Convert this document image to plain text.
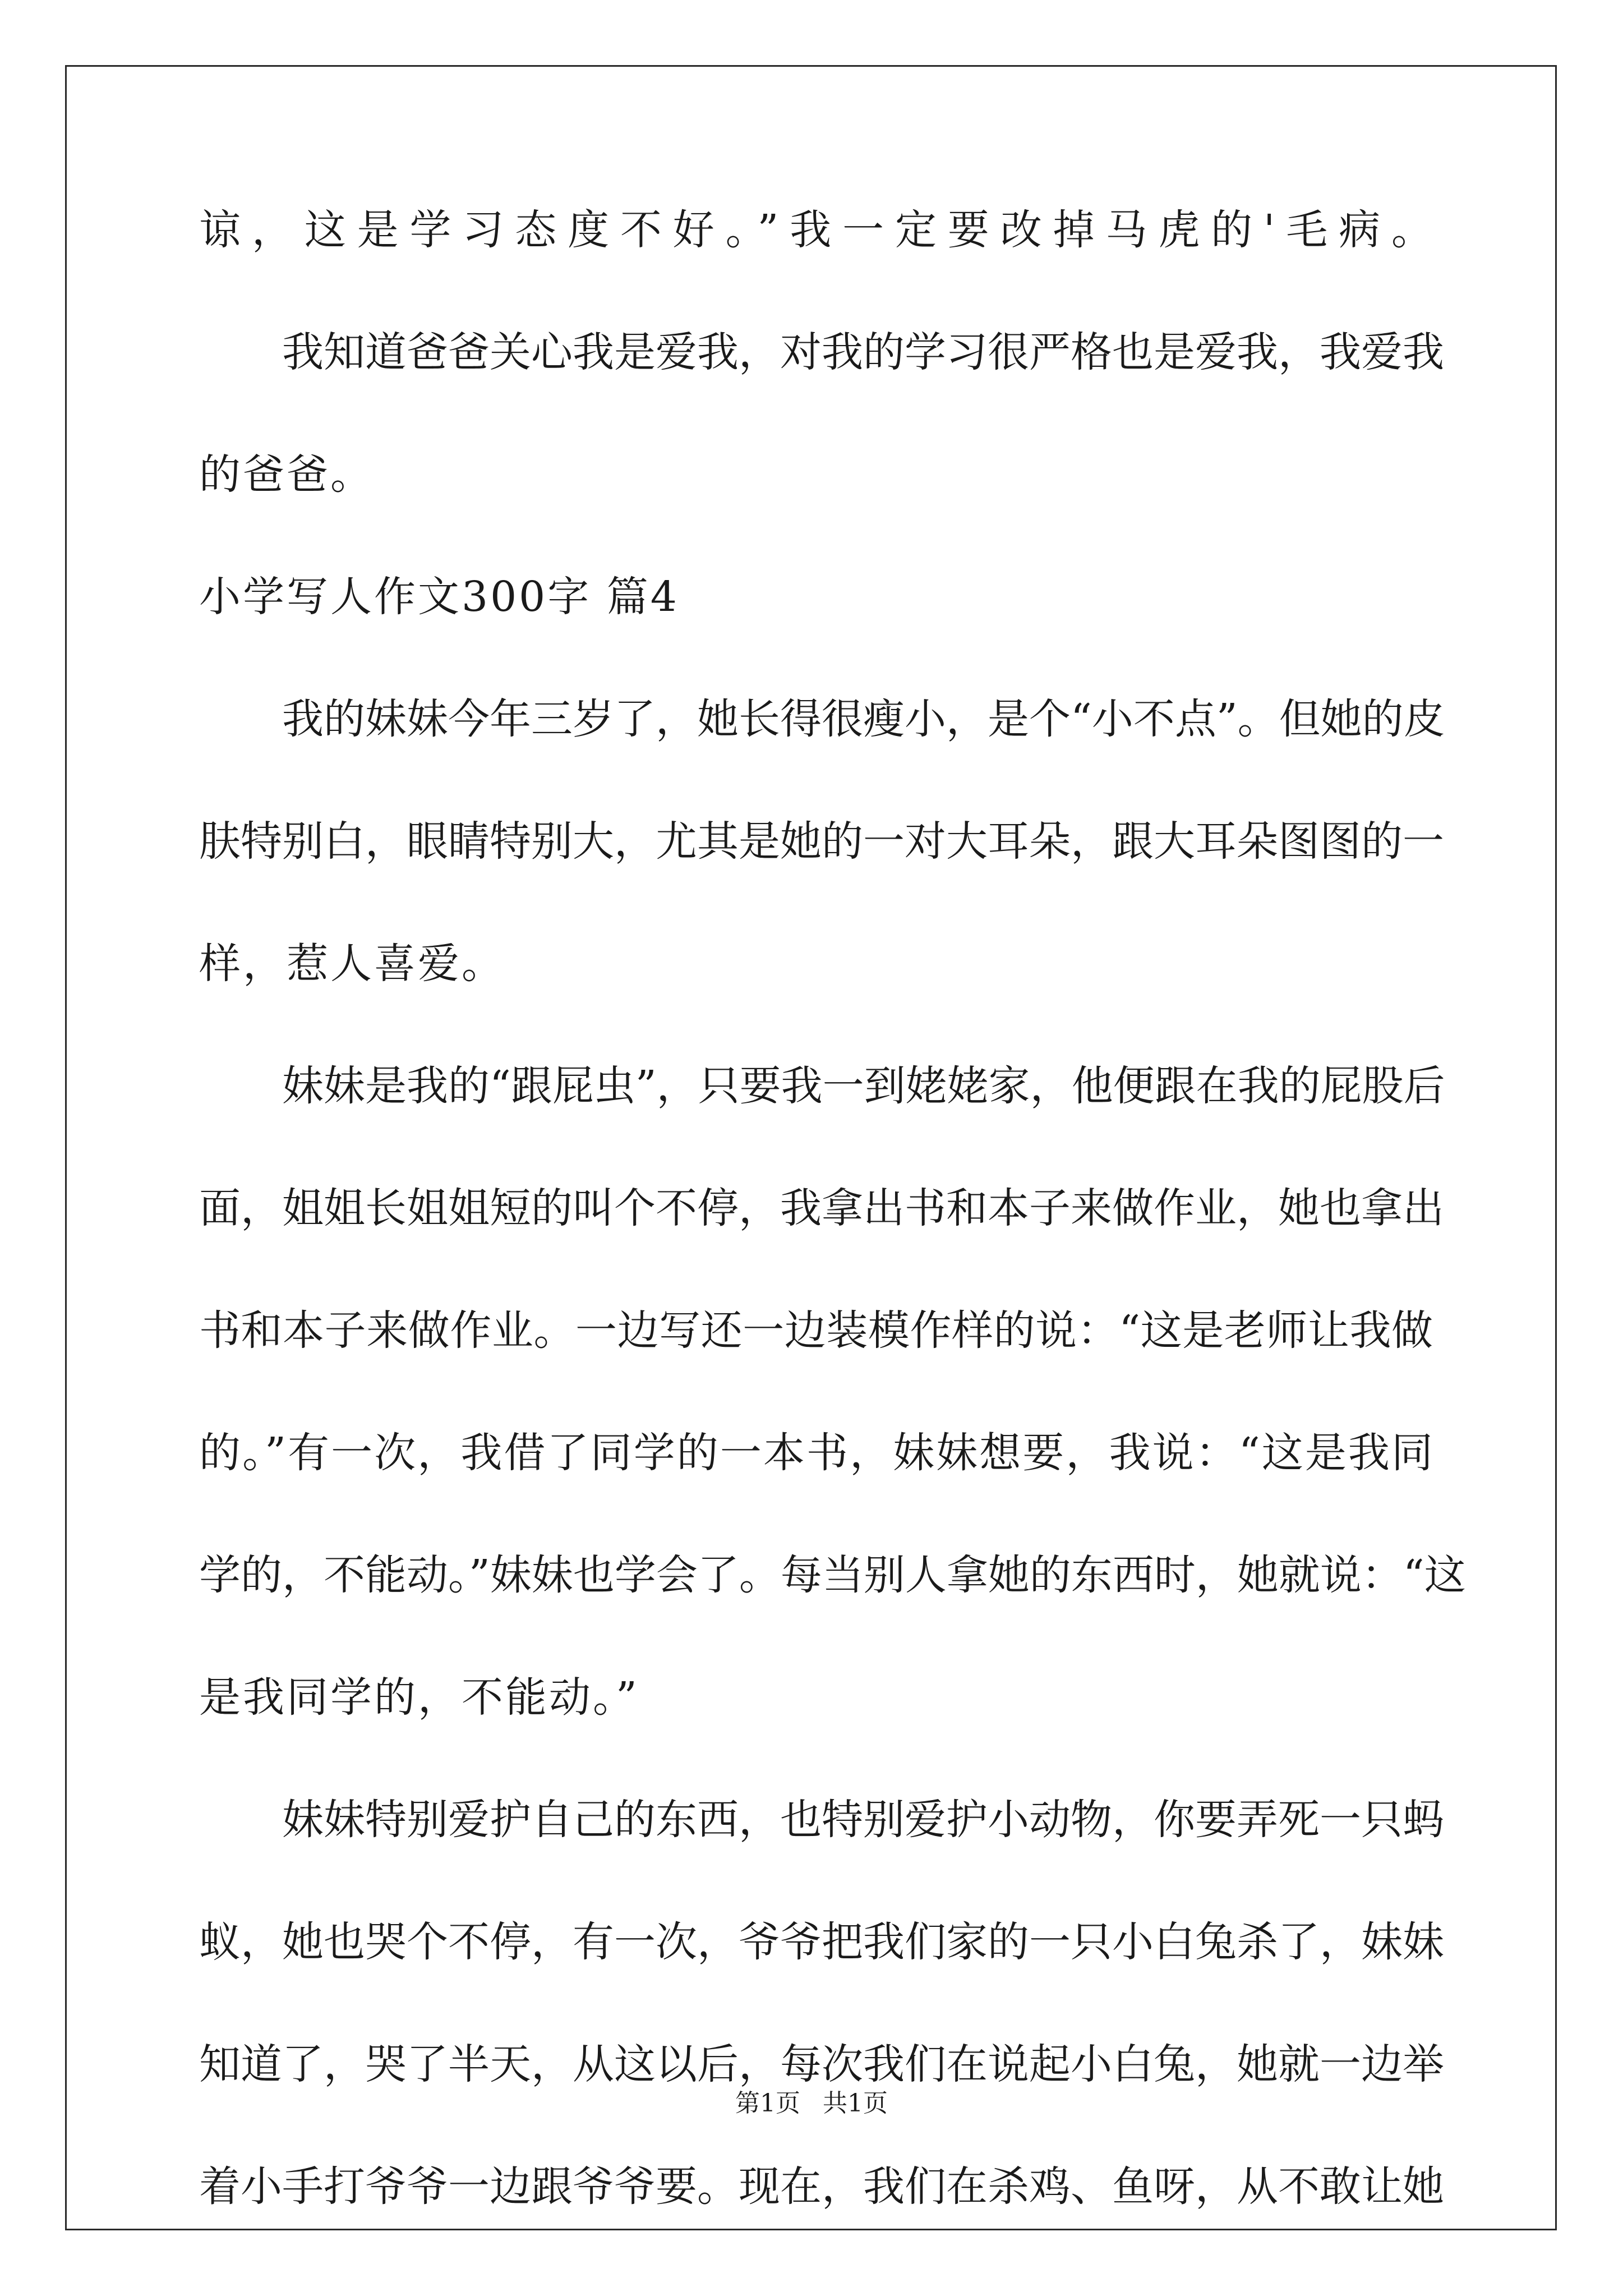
谅，这是学习态度不好。”我一定要改掉马虎的'毛病。
我知道爸爸关心我是爱我，对我的学习很严格也是爱我，我爱我
的爸爸。
小学写人作文300字 篇4
我的妹妹今年三岁了，她长得很瘦小，是个“小不点”。但她的皮
肤特别白，眼睛特别大，尤其是她的一对大耳朵，跟大耳朵图图的一
样，惹人喜爱。
妹妹是我的“跟屁虫”，只要我一到姥姥家，他便跟在我的屁股后
面，姐姐长姐姐短的叫个不停，我拿出书和本子来做作业，她也拿出
书和本子来做作业。一边写还一边装模作样的说：“这是老师让我做
的。”有一次，我借了同学的一本书，妹妹想要，我说：“这是我同
学的，不能动。”妹妹也学会了。每当别人拿她的东西时，她就说：“这
是我同学的，不能动。”
妹妹特别爱护自己的东西，也特别爱护小动物，你要弄死一只蚂
蚁，她也哭个不停，有一次，爷爷把我们家的一只小白兔杀了，妹妹
知道了，哭了半天，从这以后，每次我们在说起小白兔，她就一边举
着小手打爷爷一边跟爷爷要。现在，我们在杀鸡、鱼呀，从不敢让她
第1页 共1页
